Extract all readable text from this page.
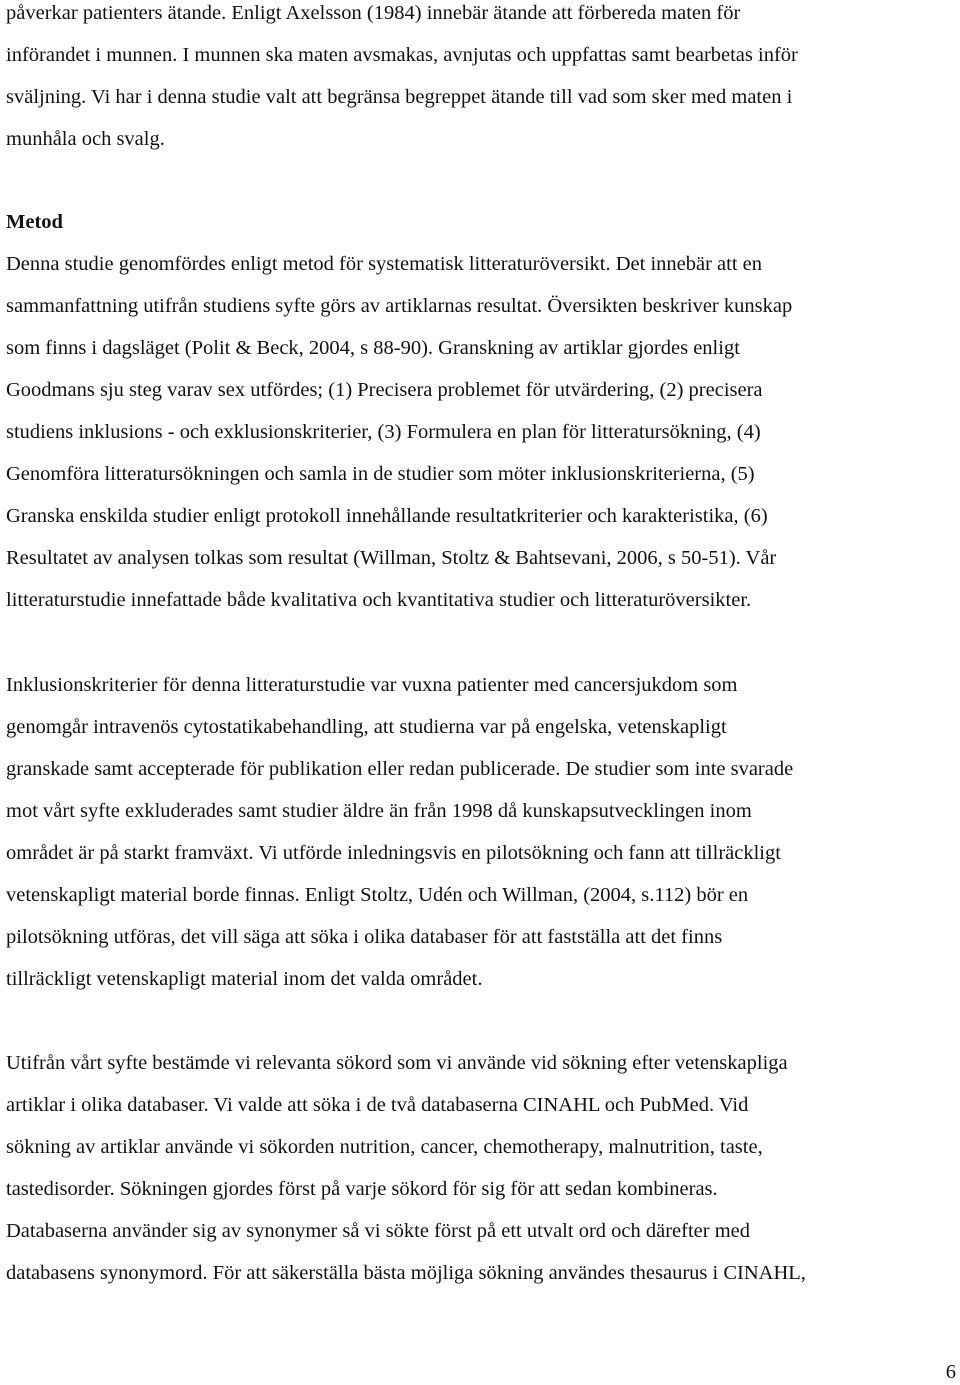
påverkar patienters ätande. Enligt Axelsson (1984) innebär ätande att förbereda maten för
införandet i munnen. I munnen ska maten avsmakas, avnjutas och uppfattas samt bearbetas inför
sväljning. Vi har i denna studie valt att begränsa begreppet ätande till vad som sker med maten i
munhåla och svalg.
Metod
Denna studie genomfördes enligt metod för systematisk litteraturöversikt. Det innebär att en
sammanfattning utifrån studiens syfte görs av artiklarnas resultat. Översikten beskriver kunskap
som finns i dagsläget (Polit & Beck, 2004, s 88-90). Granskning av artiklar gjordes enligt
Goodmans sju steg varav sex utfördes; (1) Precisera problemet för utvärdering, (2) precisera
studiens inklusions - och exklusionskriterier, (3) Formulera en plan för litteratursökning, (4)
Genomföra litteratursökningen och samla in de studier som möter inklusionskriterierna, (5)
Granska enskilda studier enligt protokoll innehållande resultatkriterier och karakteristika, (6)
Resultatet av analysen tolkas som resultat (Willman, Stoltz & Bahtsevani, 2006, s 50-51). Vår
litteraturstudie innefattade både kvalitativa och kvantitativa studier och litteraturöversikter.
Inklusionskriterier för denna litteraturstudie var vuxna patienter med cancersjukdom som
genomgår intravenös cytostatikabehandling, att studierna var på engelska, vetenskapligt
granskade samt accepterade för publikation eller redan publicerade. De studier som inte svarade
mot vårt syfte exkluderades samt studier äldre än från 1998 då kunskapsutvecklingen inom
området är på starkt framväxt. Vi utförde inledningsvis en pilotsökning och fann att tillräckligt
vetenskapligt material borde finnas. Enligt Stoltz, Udén och Willman, (2004, s.112) bör en
pilotsökning utföras, det vill säga att söka i olika databaser för att fastställa att det finns
tillräckligt vetenskapligt material inom det valda området.
Utifrån vårt syfte bestämde vi relevanta sökord som vi använde vid sökning efter vetenskapliga
artiklar i olika databaser. Vi valde att söka i de två databaserna CINAHL och PubMed. Vid
sökning av artiklar använde vi sökorden nutrition, cancer, chemotherapy, malnutrition, taste,
tastedisorder. Sökningen gjordes först på varje sökord för sig för att sedan kombineras.
Databaserna använder sig av synonymer så vi sökte först på ett utvalt ord och därefter med
databasens synonymord. För att säkerställa bästa möjliga sökning användes thesaurus i CINAHL,
6
